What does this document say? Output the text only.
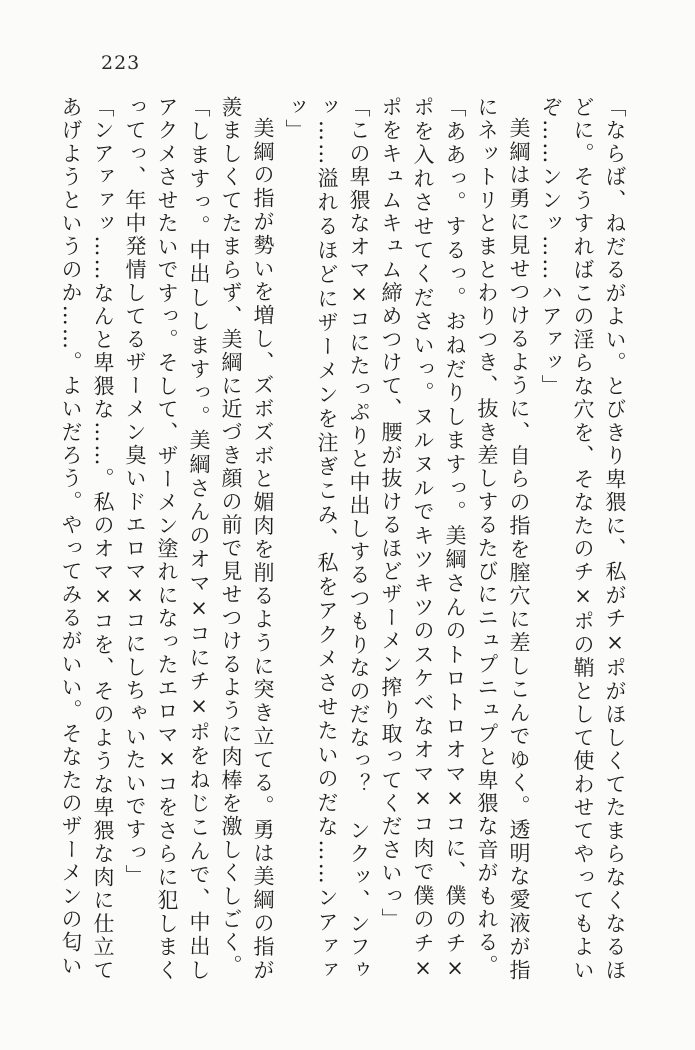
223

「ならば、ねだるがよい。とびきり卑猥に、私がチ×ポがほしくてたまらなくなるほどに。そうすればこの淫らな穴を、そなたのチ×ポの鞘として使わせてやってもよいぞ……ンンッ……ハアァッ」

美綱は勇に見せつけるように、自らの指を膣穴に差しこんでゆく。透明な愛液が指にネットリとまとわりつき、抜き差しするたびにニュプニュプと卑猥な音がもれる。

「ああっ。するっ。おねだりしますっ。美綱さんのトロトロオマ×コに、僕のチ×ポを入れさせてくださいっ。ヌルヌルでキツキツのスケベなオマ×コ肉で僕のチ×ポをキュムキュム締めつけて、腰が抜けるほどザーメン搾り取ってくださいっ」

「この卑猥なオマ×コにたっぷりと中出しするつもりなのだなっ？　ンクッ、ンフゥッ……溢れるほどにザーメンを注ぎこみ、私をアクメさせたいのだな……ンアァァッ」

美綱の指が勢いを増し、ズボズボと媚肉を削るように突き立てる。勇は美綱の指が羨ましくてたまらず、美綱に近づき顔の前で見せつけるように肉棒を激しくしごく。

「しますっ。中出ししますっ。美綱さんのオマ×コにチ×ポをねじこんで、中出しアクメさせたいですっ。そして、ザーメン塗れになったエロマ×コをさらに犯しまくってっ、年中発情してるザーメン臭いドエロマ×コにしちゃいたいですっ」

「ンアァァッ……なんと卑猥な……。私のオマ×コを、そのような卑猥な肉に仕立てあげようというのか……。よいだろう。やってみるがいい。そなたのザーメンの匂い
